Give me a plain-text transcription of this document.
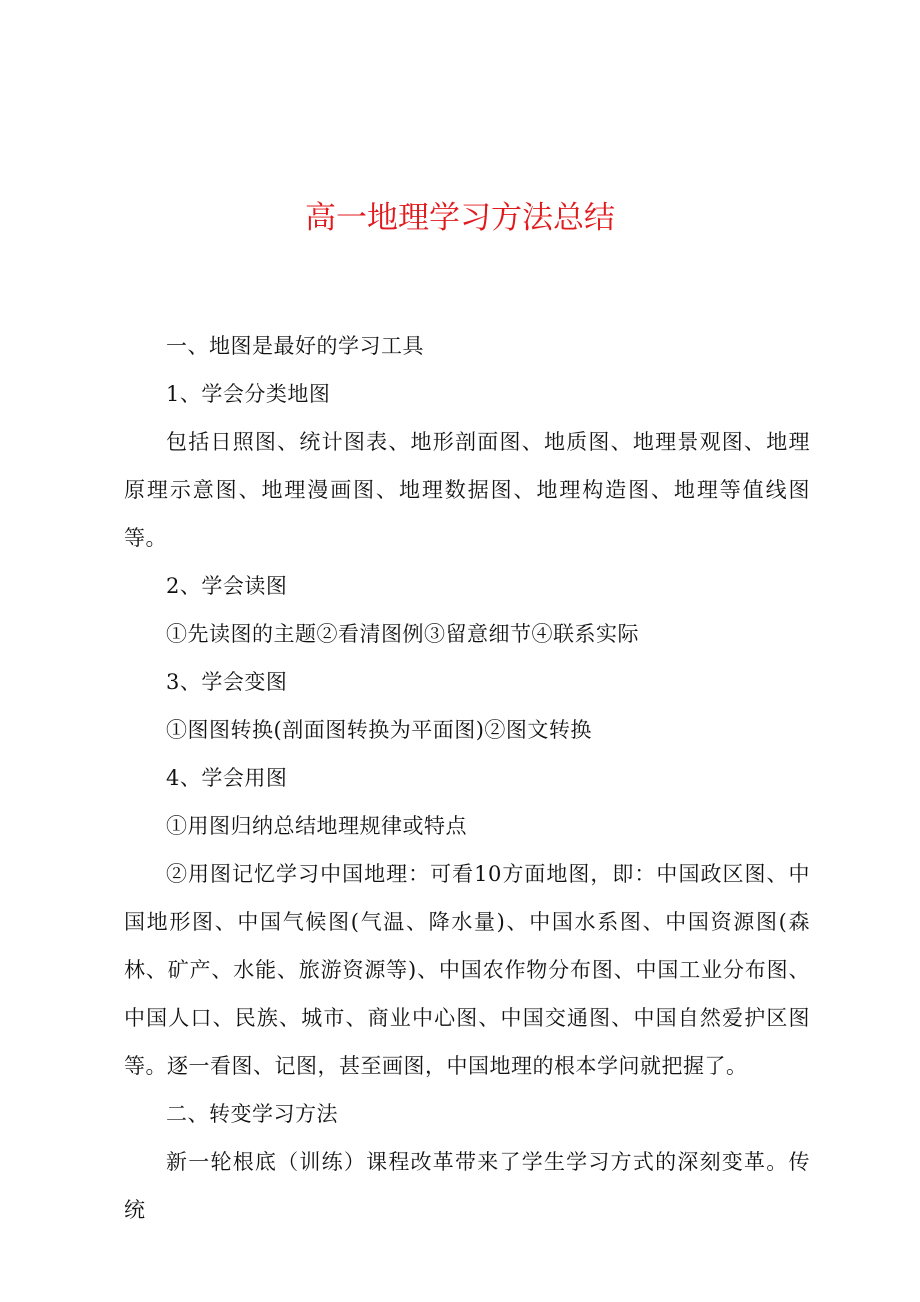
高一地理学习方法总结

一、地图是最好的学习工具

1、学会分类地图

包括日照图、统计图表、地形剖面图、地质图、地理景观图、地理原理示意图、地理漫画图、地理数据图、地理构造图、地理等值线图等。

2、学会读图

①先读图的主题②看清图例③留意细节④联系实际

3、学会变图

①图图转换(剖面图转换为平面图)②图文转换

4、学会用图

①用图归纳总结地理规律或特点

②用图记忆学习中国地理：可看10方面地图，即：中国政区图、中国地形图、中国气候图(气温、降水量)、中国水系图、中国资源图(森林、矿产、水能、旅游资源等)、中国农作物分布图、中国工业分布图、中国人口、民族、城市、商业中心图、中国交通图、中国自然爱护区图等。逐一看图、记图，甚至画图，中国地理的根本学问就把握了。

二、转变学习方法

新一轮根底（训练）课程改革带来了学生学习方式的深刻变革。传统
